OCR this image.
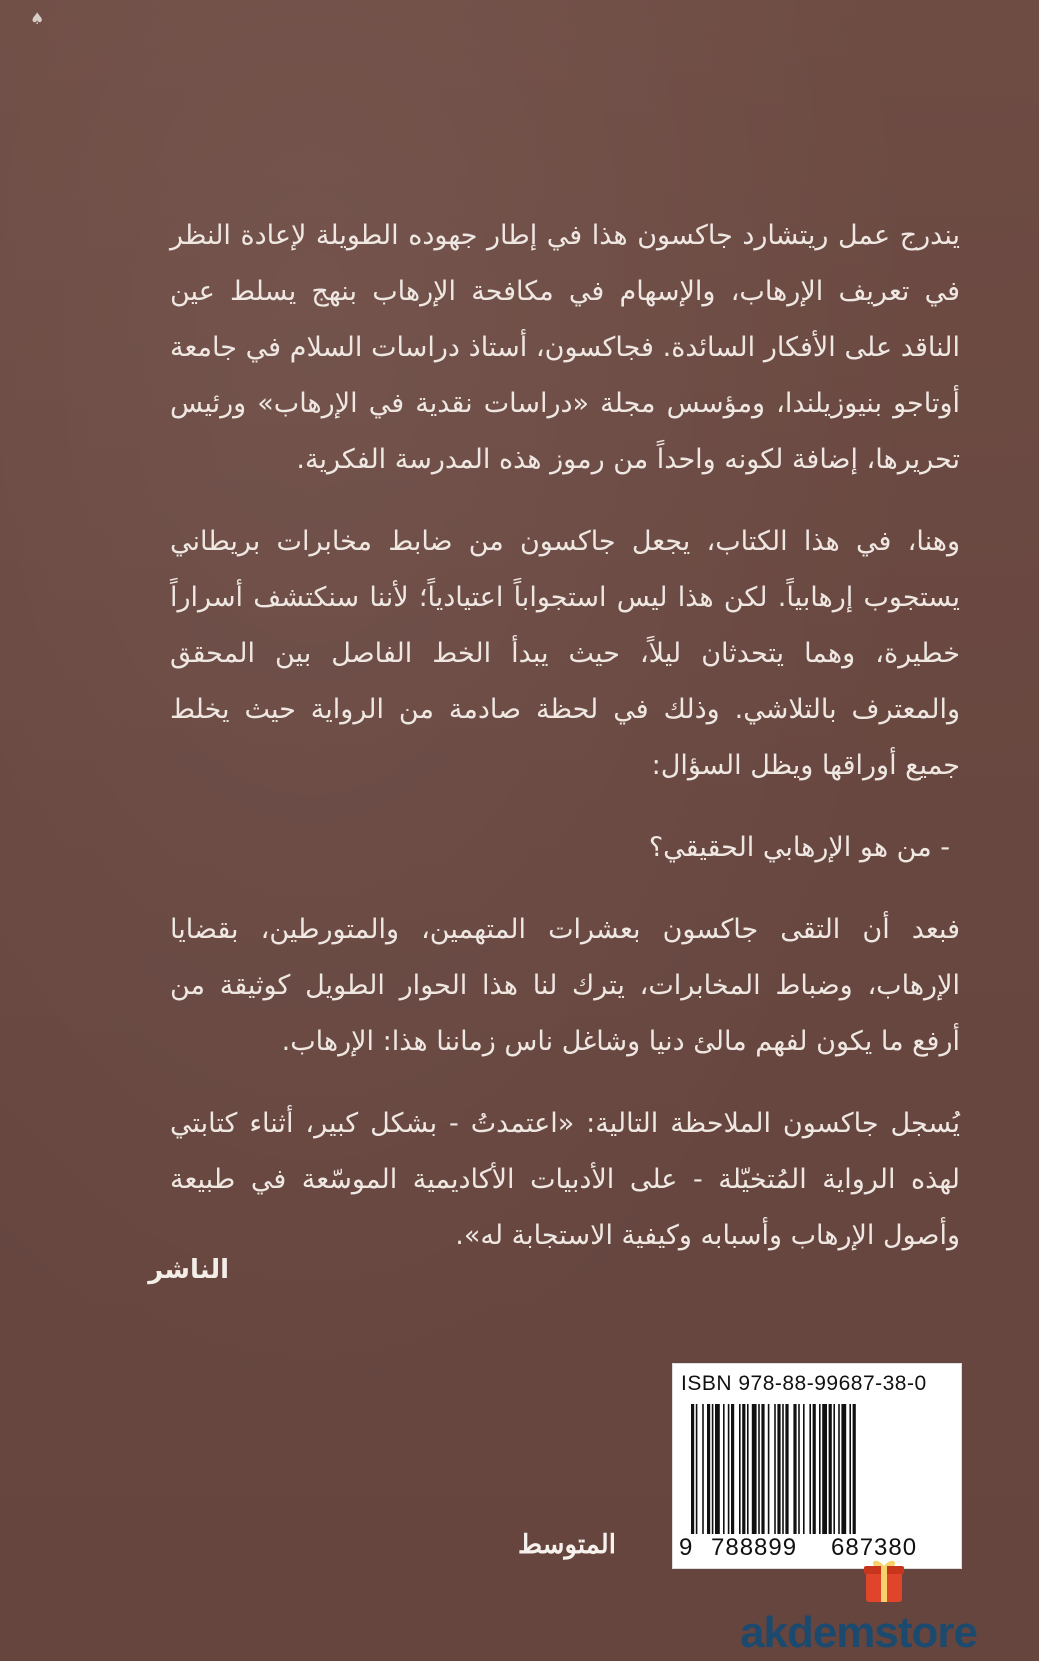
♠

يندرج عمل ريتشارد جاكسون هذا في إطار جهوده الطويلة لإعادة النظر في تعريف الإرهاب، والإسهام في مكافحة الإرهاب بنهج يسلط عين الناقد على الأفكار السائدة. فجاكسون، أستاذ دراسات السلام في جامعة أوتاجو بنيوزيلندا، ومؤسس مجلة «دراسات نقدية في الإرهاب» ورئيس تحريرها، إضافة لكونه واحداً من رموز هذه المدرسة الفكرية.

وهنا، في هذا الكتاب، يجعل جاكسون من ضابط مخابرات بريطاني يستجوب إرهابياً. لكن هذا ليس استجواباً اعتيادياً؛ لأننا سنكتشف أسراراً خطيرة، وهما يتحدثان ليلاً، حيث يبدأ الخط الفاصل بين المحقق والمعترف بالتلاشي. وذلك في لحظة صادمة من الرواية حيث يخلط جميع أوراقها ويظل السؤال:

- من هو الإرهابي الحقيقي؟

فبعد أن التقى جاكسون بعشرات المتهمين، والمتورطين، بقضايا الإرهاب، وضباط المخابرات، يترك لنا هذا الحوار الطويل كوثيقة من أرفع ما يكون لفهم مالئ دنيا وشاغل ناس زماننا هذا: الإرهاب.

يُسجل جاكسون الملاحظة التالية: «اعتمدتُ - بشكل كبير، أثناء كتابتي لهذه الرواية المُتخيّلة - على الأدبيات الأكاديمية الموسّعة في طبيعة وأصول الإرهاب وأسبابه وكيفية الاستجابة له».

الناشر
ISBN 978-88-99687-38-0
9 788899 687380
المتوسط
akdemstore
